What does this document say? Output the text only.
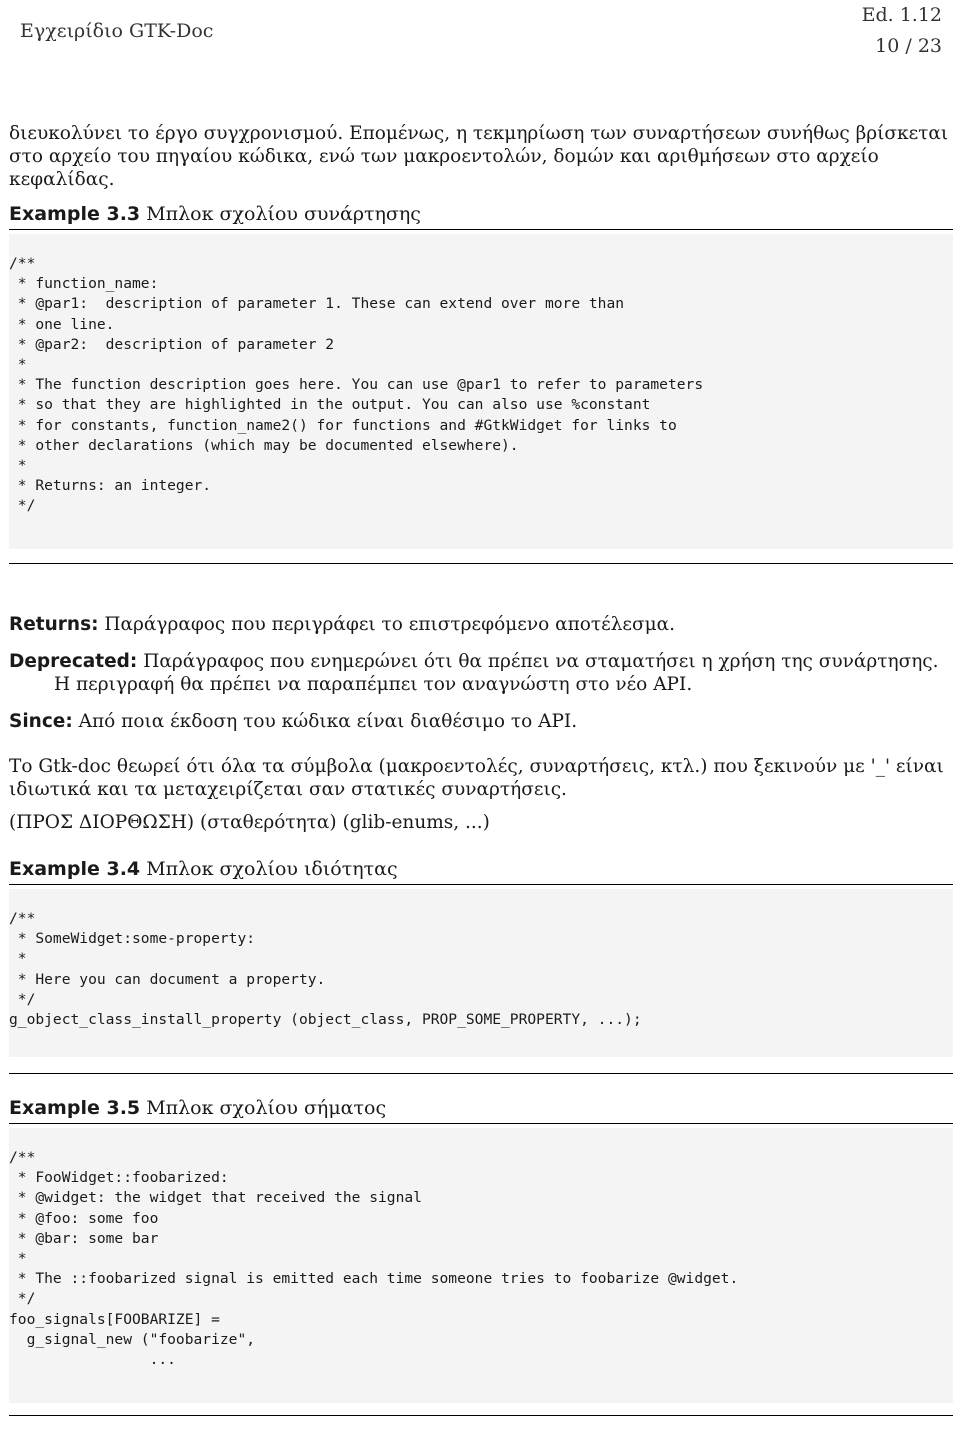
Εγχειρίδιο GTK-Doc
Ed. 1.12
10 / 23

διευκολύνει το έργο συγχρονισμού. Επομένως, η τεκμηρίωση των συναρτήσεων συνήθως βρίσκεται στο αρχείο του πηγαίου κώδικα, ενώ των μακροεντολών, δομών και αριθμήσεων στο αρχείο κεφαλίδας.

Example 3.3 Μπλοκ σχολίου συνάρτησης
/**
* function_name:
* @par1:  description of parameter 1. These can extend over more than
* one line.
* @par2:  description of parameter 2
*
* The function description goes here. You can use @par1 to refer to parameters
* so that they are highlighted in the output. You can also use %constant
* for constants, function_name2() for functions and #GtkWidget for links to
* other declarations (which may be documented elsewhere).
*
* Returns: an integer.
*/
Returns: Παράγραφος που περιγράφει το επιστρεφόμενο αποτέλεσμα.
Deprecated: Παράγραφος που ενημερώνει ότι θα πρέπει να σταματήσει η χρήση της συνάρτησης. Η περιγραφή θα πρέπει να παραπέμπει τον αναγνώστη στο νέο API.
Since: Από ποια έκδοση του κώδικα είναι διαθέσιμο το API.

Το Gtk-doc θεωρεί ότι όλα τα σύμβολα (μακροεντολές, συναρτήσεις, κτλ.) που ξεκινούν με '_' είναι ιδιωτικά και τα μεταχειρίζεται σαν στατικές συναρτήσεις.

(ΠΡΟΣ ΔΙΟΡΘΩΣΗ) (σταθερότητα) (glib-enums, ...)

Example 3.4 Μπλοκ σχολίου ιδιότητας
/**
* SomeWidget:some-property:
*
* Here you can document a property.
*/
g_object_class_install_property (object_class, PROP_SOME_PROPERTY, ...);
Example 3.5 Μπλοκ σχολίου σήματος
/**
* FooWidget::foobarized:
* @widget: the widget that received the signal
* @foo: some foo
* @bar: some bar
*
* The ::foobarized signal is emitted each time someone tries to foobarize @widget.
*/
foo_signals[FOOBARIZE] =
g_signal_new ("foobarize",
...
